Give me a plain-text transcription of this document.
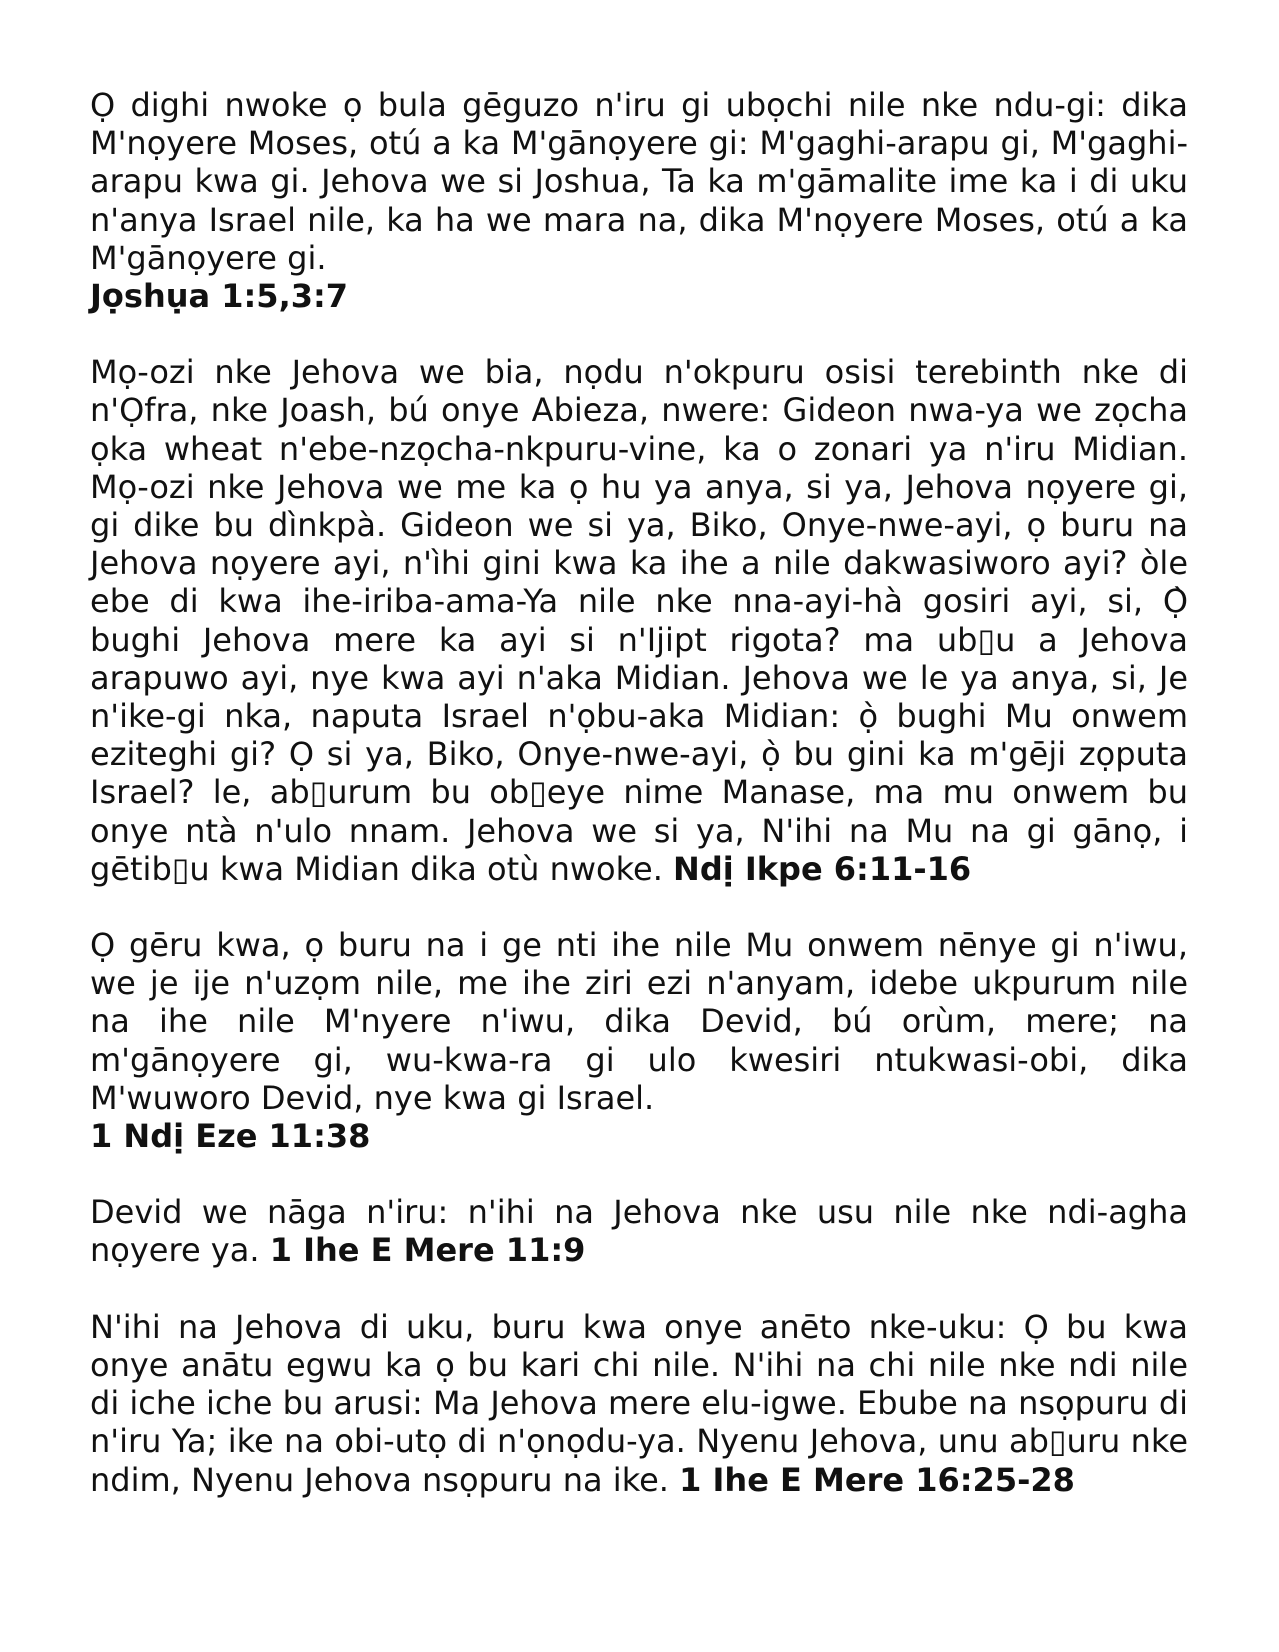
Ọ dighi nwoke ọ bula gēguzo n'iru gi ubọchi nile nke ndu-gi: dika M'nọyere Moses, otú a ka M'gānọyere gi: M'gaghi-arapu gi, M'gaghi-arapu kwa gi. Jehova we si Joshua, Ta ka m'gāmalite ime ka i di uku n'anya Israel nile, ka ha we mara na, dika M'nọyere Moses, otú a ka M'gānọyere gi.
Jọshụa 1:5,3:7

Mọ-ozi nke Jehova we bia, nọdu n'okpuru osisi terebinth nke di n'Ọfra, nke Joash, bú onye Abieza, nwere: Gideon nwa-ya we zọcha ọka wheat n'ebe-nzọcha-nkpuru-vine, ka o zonari ya n'iru Midian. Mọ-ozi nke Jehova we me ka ọ hu ya anya, si ya, Jehova nọyere gi, gi dike bu dìnkpà. Gideon we si ya, Biko, Onye-nwe-ayi, ọ buru na Jehova nọyere ayi, n'ìhi gini kwa ka ihe a nile dakwasiworo ayi? òle ebe di kwa ihe-iriba-ama-Ya nile nke nna-ayi-hà gosiri ayi, si, Ọ̀ bughi Jehova mere ka ayi si n'Ijipt rigota? ma ub▯u a Jehova arapuwo ayi, nye kwa ayi n'aka Midian. Jehova we le ya anya, si, Je n'ike-gi nka, naputa Israel n'ọbu-aka Midian: ọ̀ bughi Mu onwem eziteghi gi? Ọ si ya, Biko, Onye-nwe-ayi, ọ̀ bu gini ka m'gēji zọputa Israel? le, ab▯urum bu ob▯eye nime Manase, ma mu onwem bu onye ntà n'ulo nnam. Jehova we si ya, N'ihi na Mu na gi gānọ, i gētib▯u kwa Midian dika otù nwoke. Ndị Ikpe 6:11-16

Ọ gēru kwa, ọ buru na i ge nti ihe nile Mu onwem nēnye gi n'iwu, we je ije n'uzọm nile, me ihe ziri ezi n'anyam, idebe ukpurum nile na ihe nile M'nyere n'iwu, dika Devid, bú orùm, mere; na m'gānọyere gi, wu-kwa-ra gi ulo kwesiri ntukwasi-obi, dika M'wuworo Devid, nye kwa gi Israel.
1 Ndị Eze 11:38

Devid we nāga n'iru: n'ihi na Jehova nke usu nile nke ndi-agha nọyere ya. 1 Ihe E Mere 11:9

N'ihi na Jehova di uku, buru kwa onye anēto nke-uku: Ọ bu kwa onye anātu egwu ka ọ bu kari chi nile. N'ihi na chi nile nke ndi nile di iche iche bu arusi: Ma Jehova mere elu-igwe. Ebube na nsọpuru di n'iru Ya; ike na obi-utọ di n'ọnọdu-ya. Nyenu Jehova, unu ab▯uru nke ndim, Nyenu Jehova nsọpuru na ike. 1 Ihe E Mere 16:25-28
